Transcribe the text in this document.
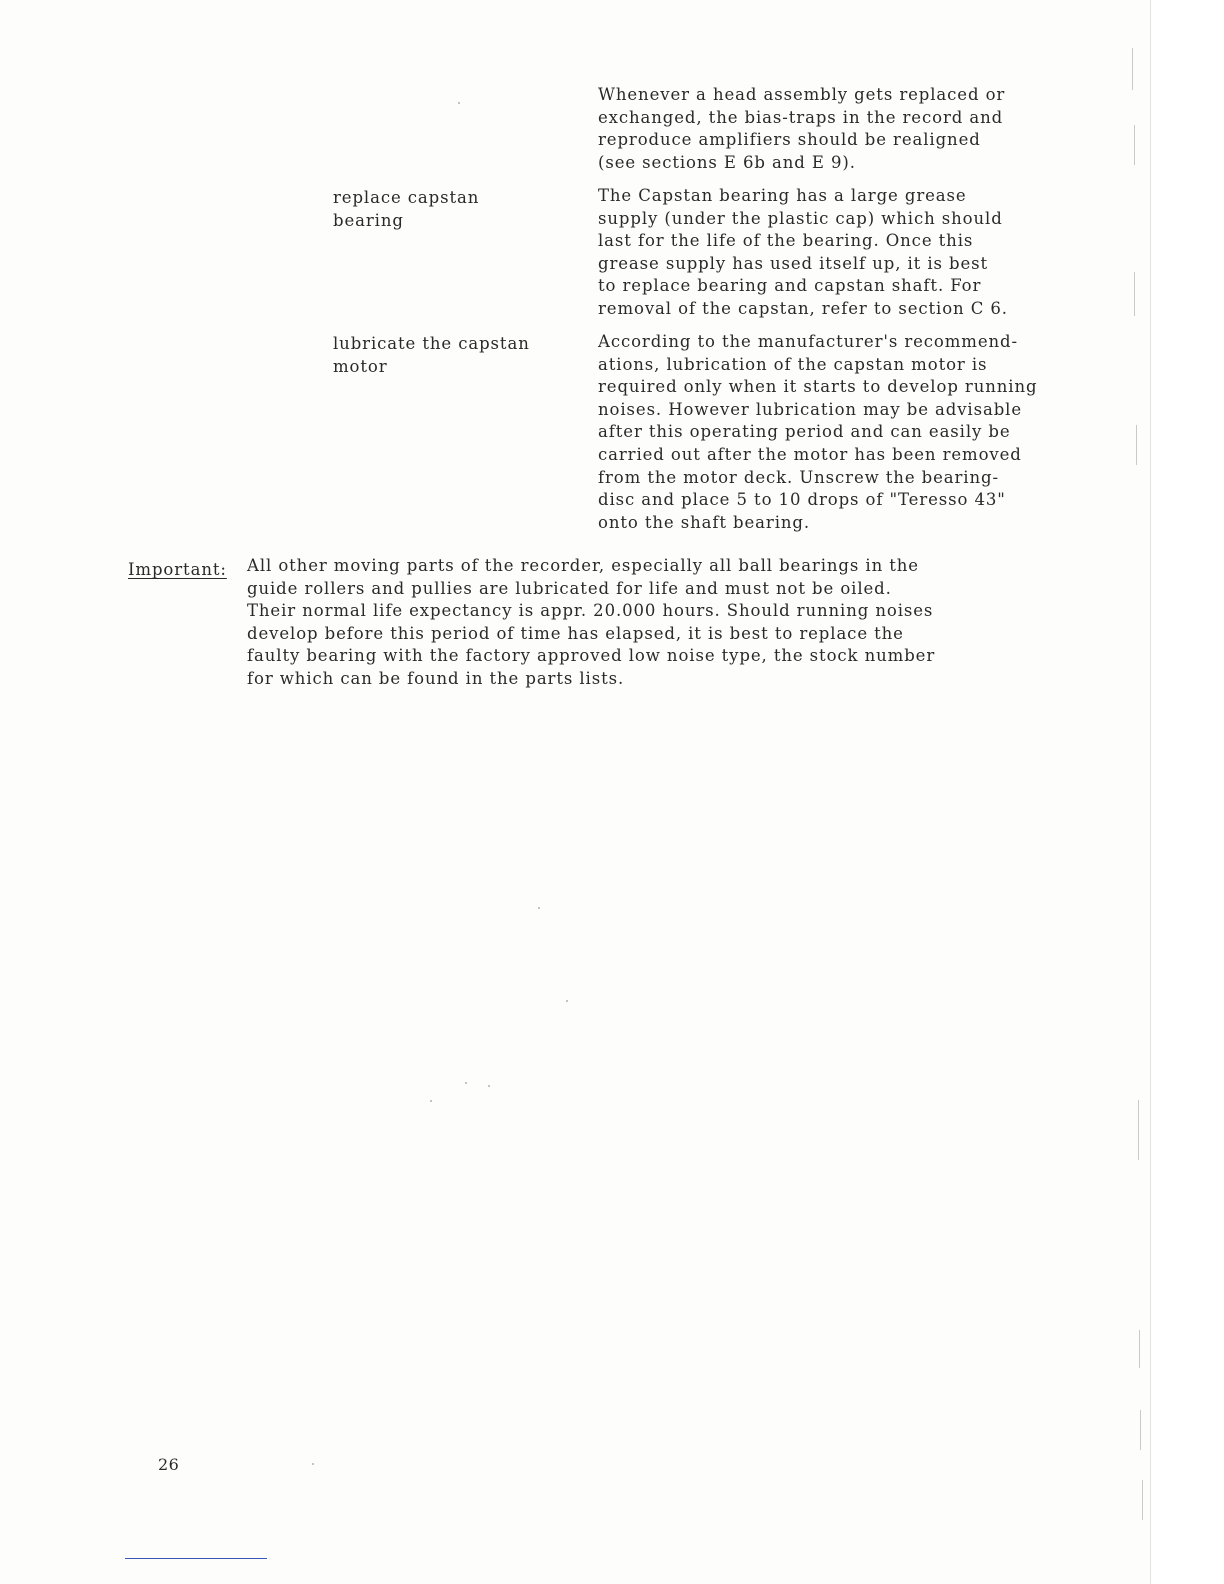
Whenever a head assembly gets replaced or
exchanged, the bias-traps in the record and
reproduce amplifiers should be realigned
(see sections E 6b and E 9).

replace capstan
bearing

The Capstan bearing has a large grease
supply (under the plastic cap) which should
last for the life of the bearing. Once this
grease supply has used itself up, it is best
to replace bearing and capstan shaft. For
removal of the capstan, refer to section C 6.

lubricate the capstan
motor

According to the manufacturer's recommend-
ations, lubrication of the capstan motor is
required only when it starts to develop running
noises. However lubrication may be advisable
after this operating period and can easily be
carried out after the motor has been removed
from the motor deck. Unscrew the bearing-
disc and place 5 to 10 drops of "Teresso 43"
onto the shaft bearing.

Important: All other moving parts of the recorder, especially all ball bearings in the
guide rollers and pullies are lubricated for life and must not be oiled.
Their normal life expectancy is appr. 20.000 hours. Should running noises
develop before this period of time has elapsed, it is best to replace the
faulty bearing with the factory approved low noise type, the stock number
for which can be found in the parts lists.

26
